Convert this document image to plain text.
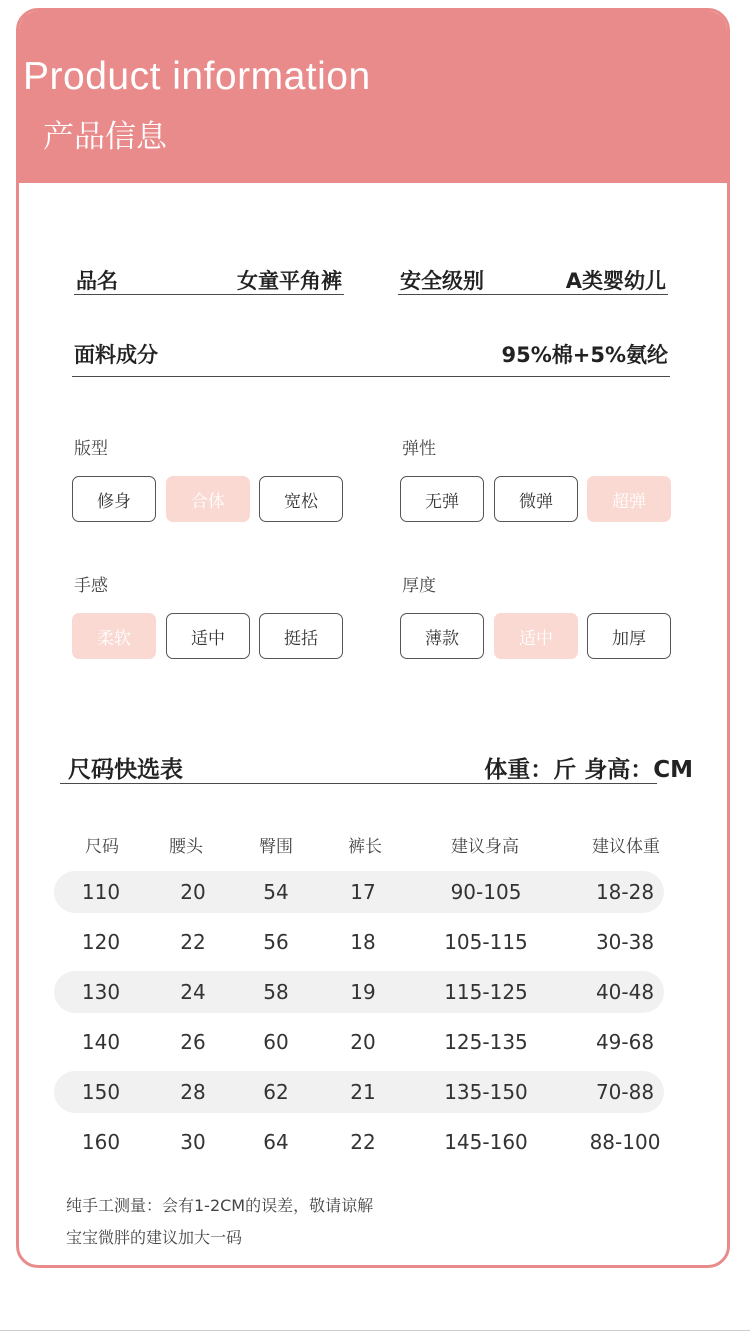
Product information
产品信息
品名	女童平角裤	安全级别	A类婴幼儿
面料成分	95%棉+5%氨纶
版型
修身	合体	宽松
弹性
无弹	微弹	超弹
手感
柔软	适中	挺括
厚度
薄款	适中	加厚
尺码快选表	体重：斤 身高：CM
尺码	腰头	臀围	裤长	建议身高	建议体重
110	20	54	17	90-105	18-28
120	22	56	18	105-115	30-38
130	24	58	19	115-125	40-48
140	26	60	20	125-135	49-68
150	28	62	21	135-150	70-88
160	30	64	22	145-160	88-100
纯手工测量：会有1-2CM的误差，敬请谅解
宝宝微胖的建议加大一码
